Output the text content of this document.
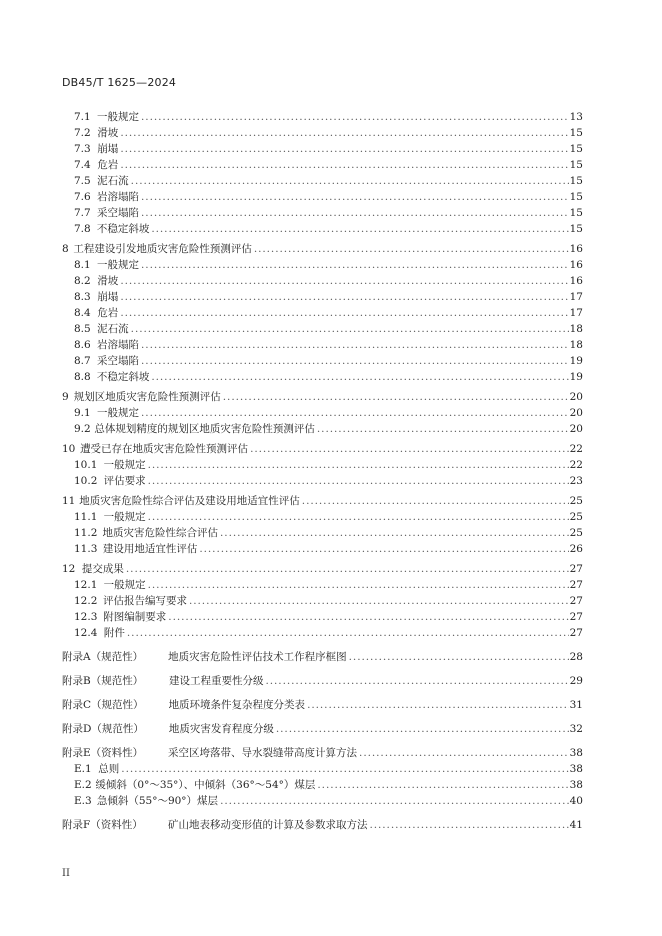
DB45/T 1625—2024
7.1 一般规定 . . .	13
7.2 滑坡 . . .	15
7.3 崩塌 . . .	15
7.4 危岩 . . .	15
7.5 泥石流 . . .	15
7.6 岩溶塌陷 . . .	15
7.7 采空塌陷 . . .	15
7.8 不稳定斜坡 . . .	15
8 工程建设引发地质灾害危险性预测评估 . . .	16
8.1 一般规定 . . .	16
8.2 滑坡 . . .	16
8.3 崩塌 . . .	17
8.4 危岩 . . .	17
8.5 泥石流 . . .	18
8.6 岩溶塌陷 . . .	18
8.7 采空塌陷 . . .	19
8.8 不稳定斜坡 . . .	19
9 规划区地质灾害危险性预测评估 . . .	20
9.1 一般规定 . . .	20
9.2 总体规划精度的规划区地质灾害危险性预测评估 . . .	20
10 遭受已存在地质灾害危险性预测评估 . . .	22
10.1 一般规定 . . .	22
10.2 评估要求 . . .	23
11 地质灾害危险性综合评估及建设用地适宜性评估 . . .	25
11.1 一般规定 . . .	25
11.2 地质灾害危险性综合评估 . . .	25
11.3 建设用地适宜性评估 . . .	26
12 提交成果 . . .	27
12.1 一般规定 . . .	27
12.2 评估报告编写要求 . . .	27
12.3 附图编制要求 . . .	27
12.4 附件 . . .	27
附录A（规范性）	地质灾害危险性评估技术工作程序框图 . . .	28
附录B（规范性）	建设工程重要性分级 . . .	29
附录C（规范性）	地质环境条件复杂程度分类表 . . .	31
附录D（规范性）	地质灾害发育程度分级 . . .	32
附录E（资料性）	采空区垮落带、导水裂缝带高度计算方法 . . .	38
E.1 总则 . . .	38
E.2 缓倾斜（0°～35°）、中倾斜（36°～54°）煤层 . . .	38
E.3 急倾斜（55°～90°）煤层 . . .	40
附录F（资料性）	矿山地表移动变形值的计算及参数求取方法 . . .	41
II
